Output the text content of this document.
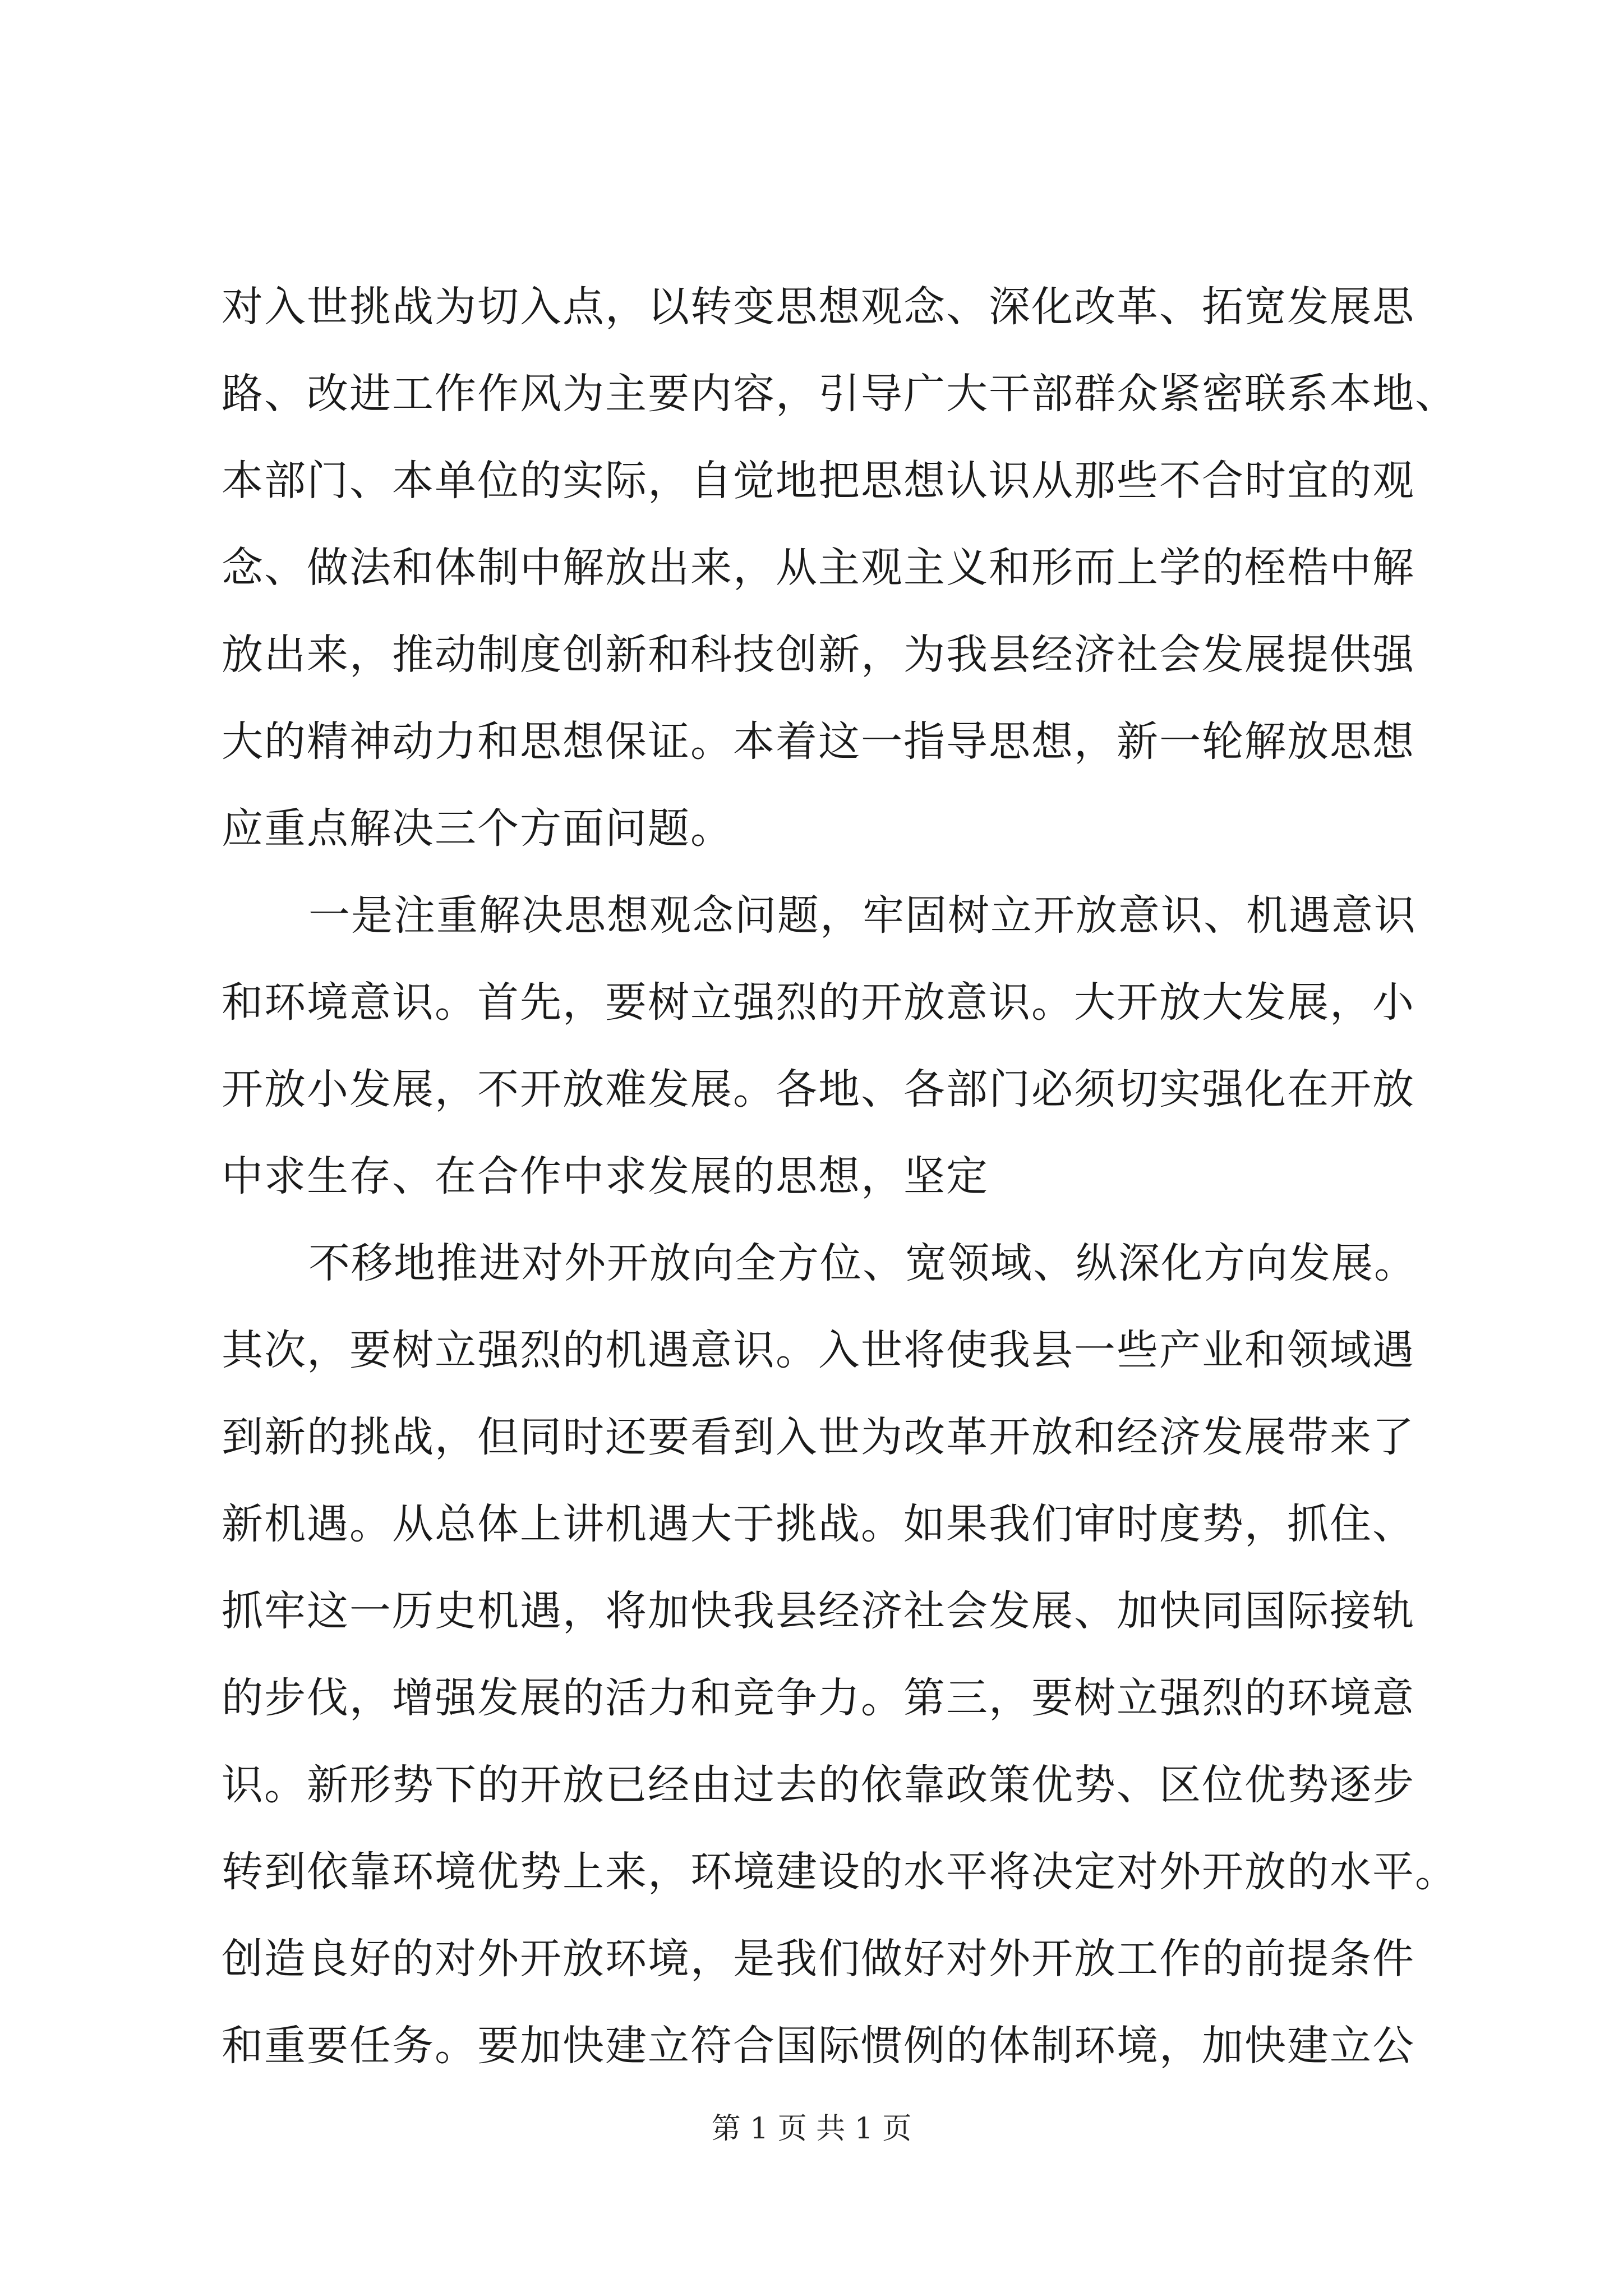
对入世挑战为切入点，以转变思想观念、深化改革、拓宽发展思
路、改进工作作风为主要内容，引导广大干部群众紧密联系本地、
本部门、本单位的实际，自觉地把思想认识从那些不合时宜的观
念、做法和体制中解放出来，从主观主义和形而上学的桎梏中解
放出来，推动制度创新和科技创新，为我县经济社会发展提供强
大的精神动力和思想保证。本着这一指导思想，新一轮解放思想
应重点解决三个方面问题。
一是注重解决思想观念问题，牢固树立开放意识、机遇意识
和环境意识。首先，要树立强烈的开放意识。大开放大发展，小
开放小发展，不开放难发展。各地、各部门必须切实强化在开放
中求生存、在合作中求发展的思想，坚定
不移地推进对外开放向全方位、宽领域、纵深化方向发展。
其次，要树立强烈的机遇意识。入世将使我县一些产业和领域遇
到新的挑战，但同时还要看到入世为改革开放和经济发展带来了
新机遇。从总体上讲机遇大于挑战。如果我们审时度势，抓住、
抓牢这一历史机遇，将加快我县经济社会发展、加快同国际接轨
的步伐，增强发展的活力和竞争力。第三，要树立强烈的环境意
识。新形势下的开放已经由过去的依靠政策优势、区位优势逐步
转到依靠环境优势上来，环境建设的水平将决定对外开放的水平。
创造良好的对外开放环境，是我们做好对外开放工作的前提条件
和重要任务。要加快建立符合国际惯例的体制环境，加快建立公
第 1 页 共 1 页
